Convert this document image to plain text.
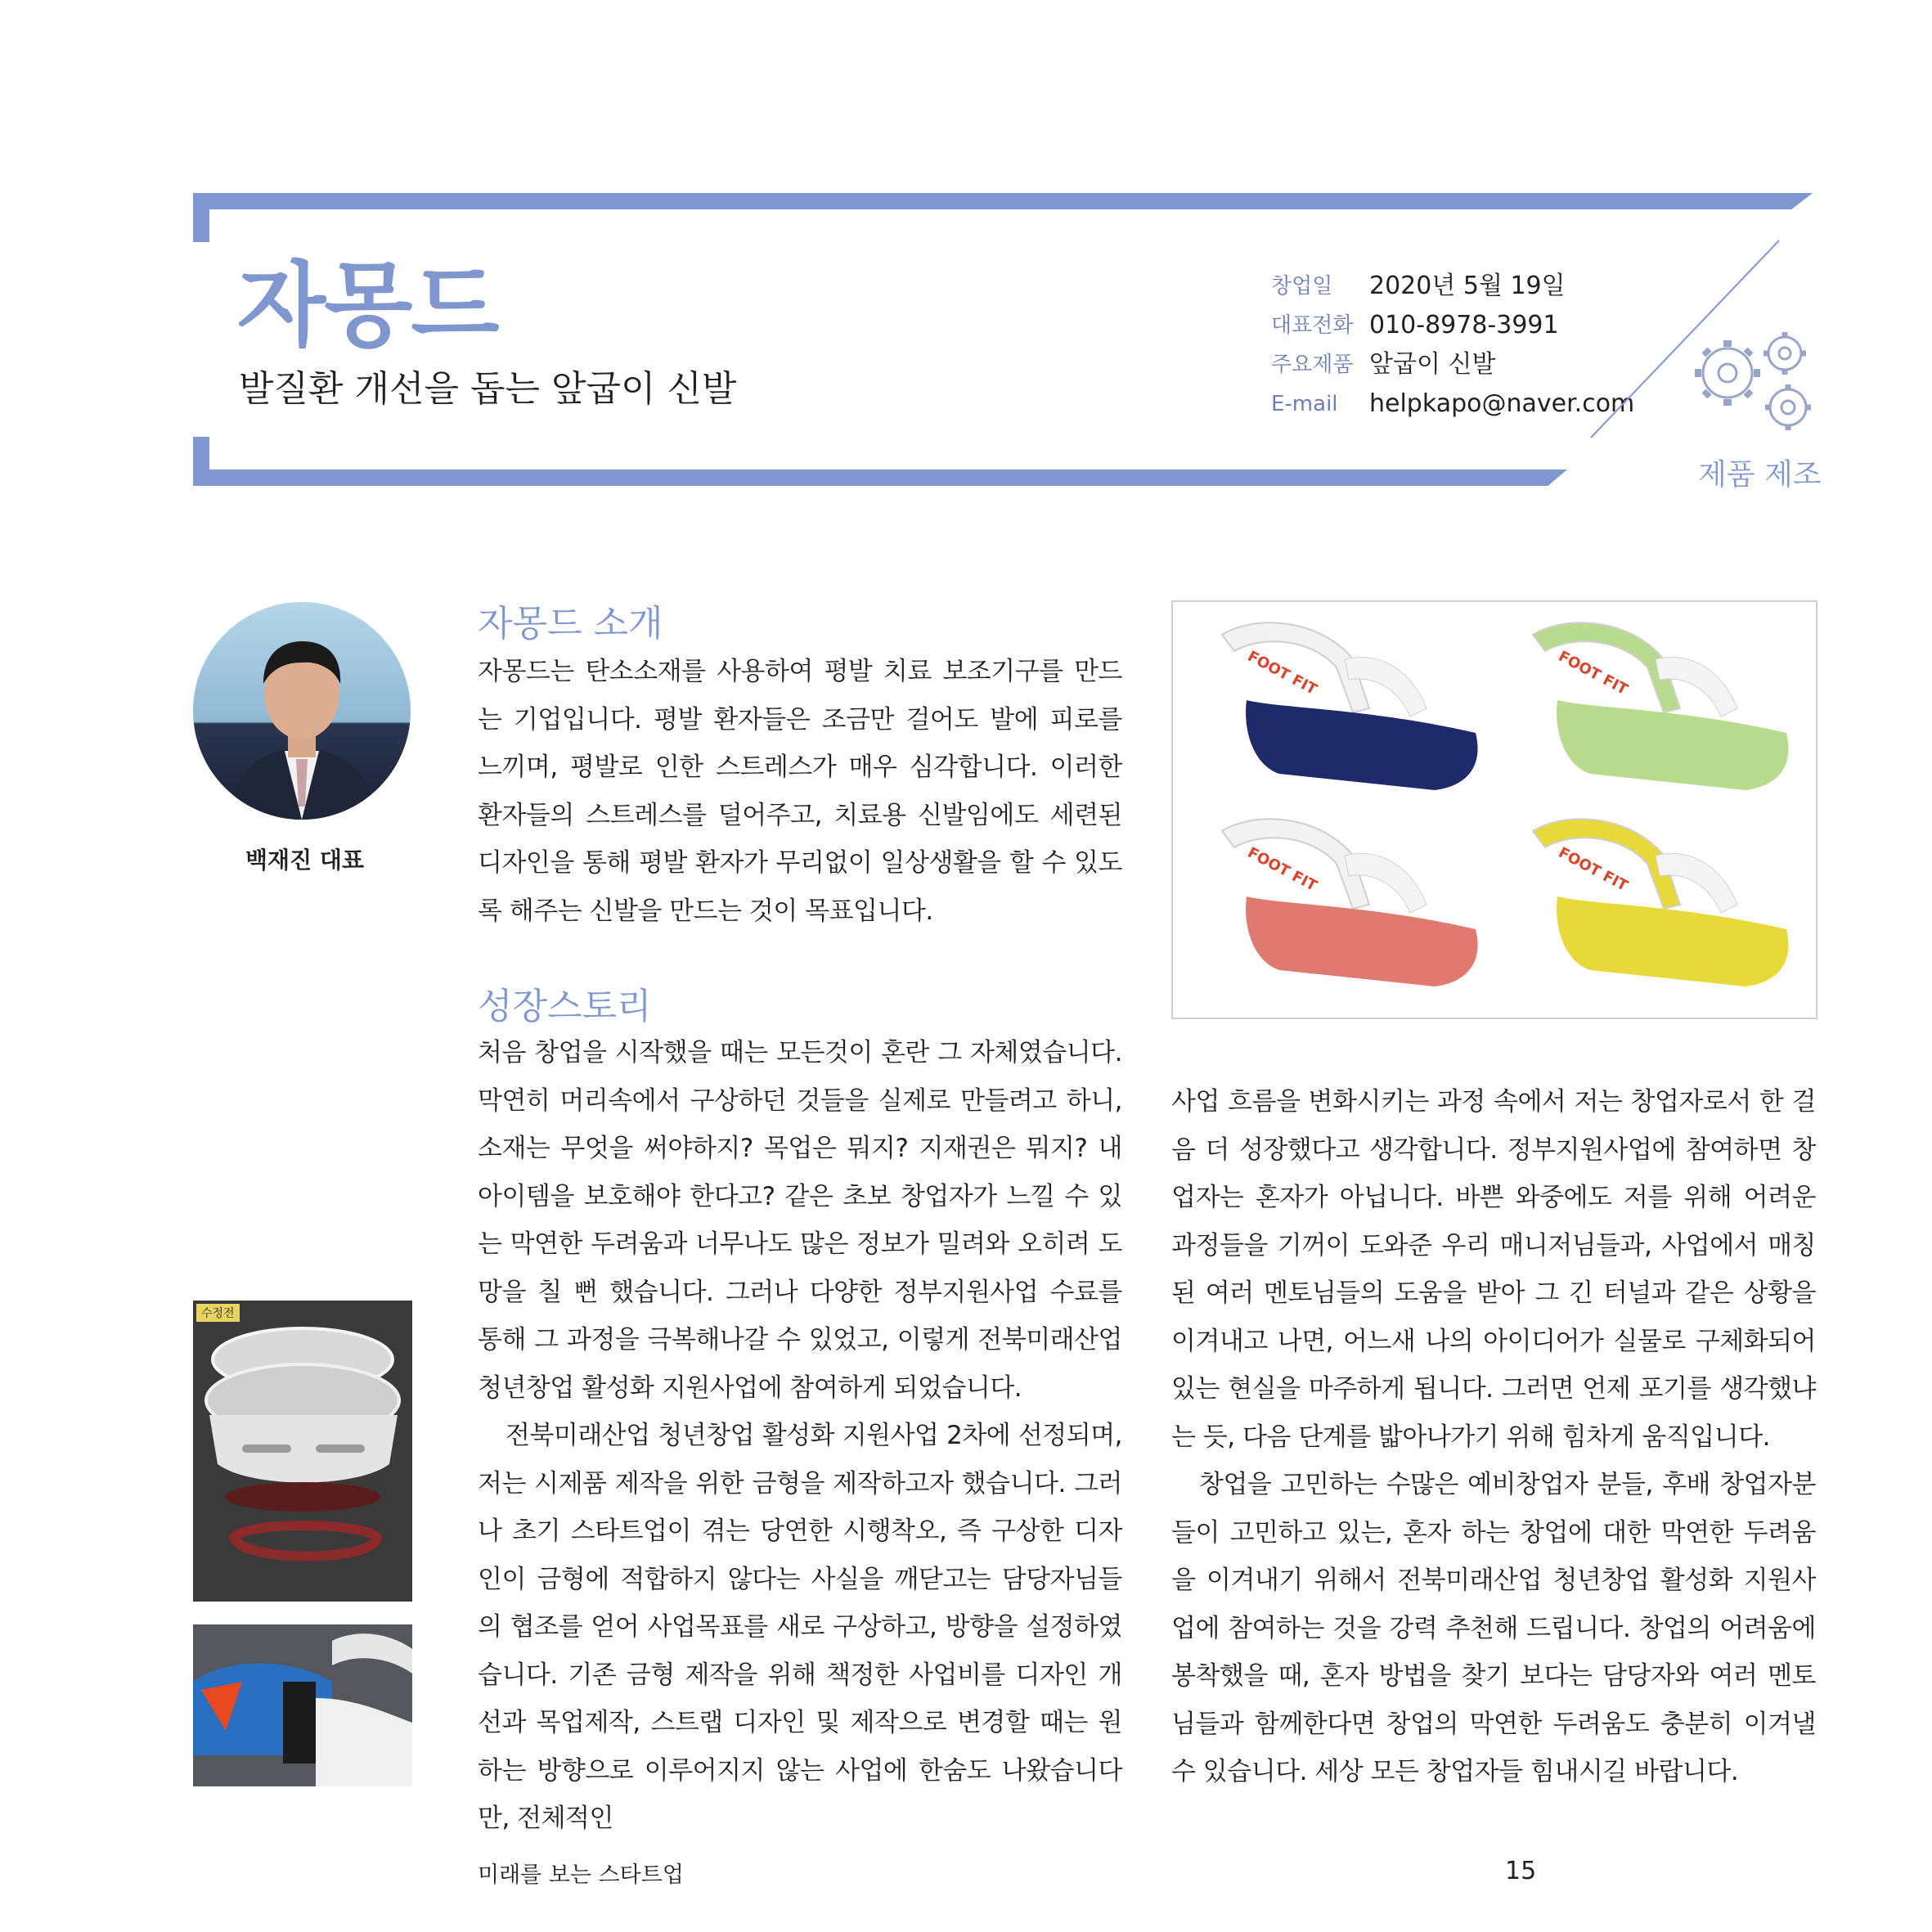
자몽드
발질환 개선을 돕는 앞굽이 신발
창업일	2020년 5월 19일
대표전화 010-8978-3991
주요제품 앞굽이 신발
E-mail	helpkapo@naver.com
제품 제조
백재진 대표
수정전
자몽드 소개

자몽드는 탄소소재를 사용하여 평발 치료 보조기구를 만드는 기업입니다. 평발 환자들은 조금만 걸어도 발에 피로를 느끼며, 평발로 인한 스트레스가 매우 심각합니다. 이러한 환자들의 스트레스를 덜어주고, 치료용 신발임에도 세련된 디자인을 통해 평발 환자가 무리없이 일상생활을 할 수 있도록 해주는 신발을 만드는 것이 목표입니다.

성장스토리

처음 창업을 시작했을 때는 모든것이 혼란 그 자체였습니다. 막연히 머리속에서 구상하던 것들을 실제로 만들려고 하니, 소재는 무엇을 써야하지? 목업은 뭐지? 지재권은 뭐지? 내 아이템을 보호해야 한다고? 같은 초보 창업자가 느낄 수 있는 막연한 두려움과 너무나도 많은 정보가 밀려와 오히려 도망을 칠 뻔 했습니다. 그러나 다양한 정부지원사업 수료를 통해 그 과정을 극복해나갈 수 있었고, 이렇게 전북미래산업 청년창업 활성화 지원사업에 참여하게 되었습니다.

전북미래산업 청년창업 활성화 지원사업 2차에 선정되며, 저는 시제품 제작을 위한 금형을 제작하고자 했습니다. 그러나 초기 스타트업이 겪는 당연한 시행착오, 즉 구상한 디자인이 금형에 적합하지 않다는 사실을 깨닫고는 담당자님들의 협조를 얻어 사업목표를 새로 구상하고, 방향을 설정하였습니다. 기존 금형 제작을 위해 책정한 사업비를 디자인 개선과 목업제작, 스트랩 디자인 및 제작으로 변경할 때는 원하는 방향으로 이루어지지 않는 사업에 한숨도 나왔습니다만, 전체적인

FOOT FIT	FOOT FIT
FOOT FIT	FOOT FIT

사업 흐름을 변화시키는 과정 속에서 저는 창업자로서 한 걸음 더 성장했다고 생각합니다. 정부지원사업에 참여하면 창업자는 혼자가 아닙니다. 바쁜 와중에도 저를 위해 어려운 과정들을 기꺼이 도와준 우리 매니저님들과, 사업에서 매칭된 여러 멘토님들의 도움을 받아 그 긴 터널과 같은 상황을 이겨내고 나면, 어느새 나의 아이디어가 실물로 구체화되어있는 현실을 마주하게 됩니다. 그러면 언제 포기를 생각했냐는 듯, 다음 단계를 밟아나가기 위해 힘차게 움직입니다.

창업을 고민하는 수많은 예비창업자 분들, 후배 창업자분들이 고민하고 있는, 혼자 하는 창업에 대한 막연한 두려움을 이겨내기 위해서 전북미래산업 청년창업 활성화 지원사업에 참여하는 것을 강력 추천해 드립니다. 창업의 어려움에 봉착했을 때, 혼자 방법을 찾기 보다는 담당자와 여러 멘토님들과 함께한다면 창업의 막연한 두려움도 충분히 이겨낼 수 있습니다. 세상 모든 창업자들 힘내시길 바랍니다.

미래를 보는 스타트업	15
